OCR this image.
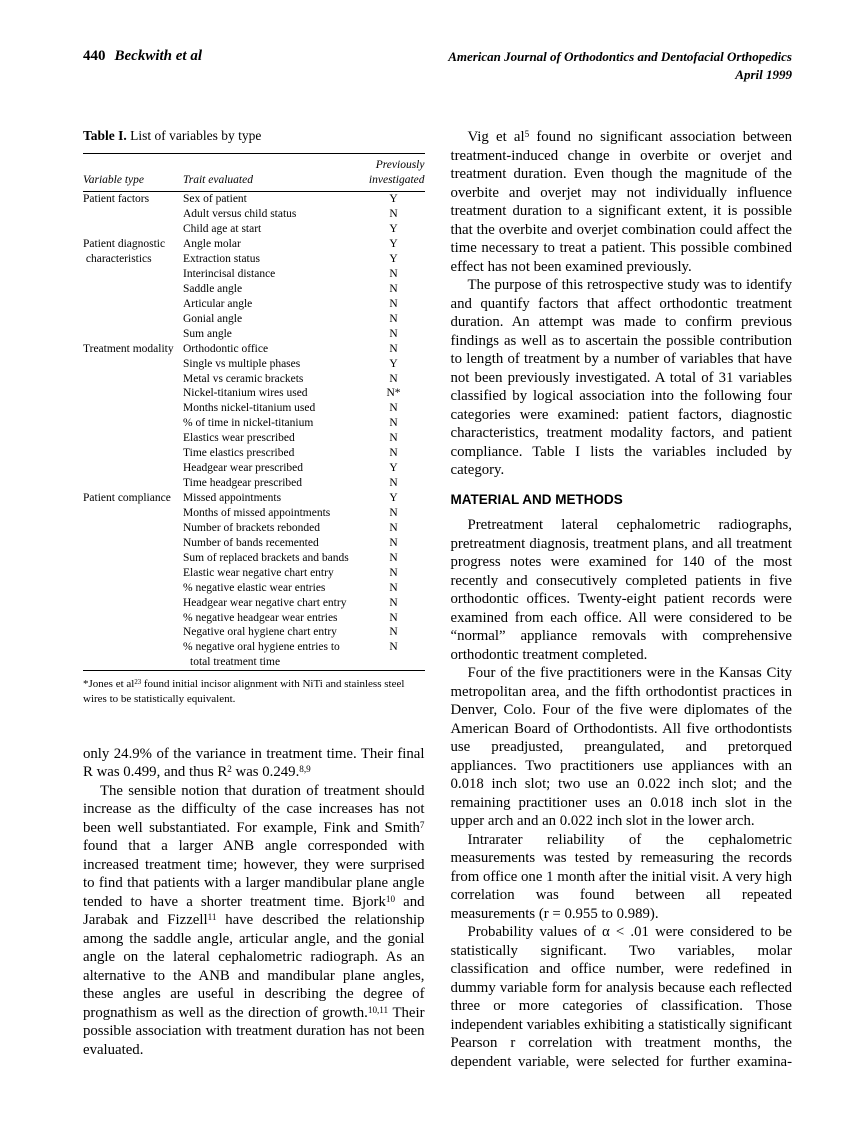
440 Beckwith et al	American Journal of Orthodontics and Dentofacial Orthopedics
April 1999
Table I. List of variables by type
Variable type	Trait evaluated	Previously investigated
Patient factors	Sex of patient	Y
	Adult versus child status	N
	Child age at start	Y
Patient diagnostic	Angle molar	Y
characteristics	Extraction status	Y
	Interincisal distance	N
	Saddle angle	N
	Articular angle	N
	Gonial angle	N
	Sum angle	N
Treatment modality	Orthodontic office	N
	Single vs multiple phases	Y
	Metal vs ceramic brackets	N
	Nickel-titanium wires used	N*
	Months nickel-titanium used	N
	% of time in nickel-titanium	N
	Elastics wear prescribed	N
	Time elastics prescribed	N
	Headgear wear prescribed	Y
	Time headgear prescribed	N
Patient compliance	Missed appointments	Y
	Months of missed appointments	N
	Number of brackets rebonded	N
	Number of bands recemented	N
	Sum of replaced brackets and bands	N
	Elastic wear negative chart entry	N
	% negative elastic wear entries	N
	Headgear wear negative chart entry	N
	% negative headgear wear entries	N
	Negative oral hygiene chart entry	N
	% negative oral hygiene entries to total treatment time	N
*Jones et $al^{23}$ found initial incisor alignment with NiTi and stainless steel wires to be statistically equivalent.

only 24.9% of the variance in treatment time. Their final R was 0.499, and thus $R^2$ was 0.249.$^{8,9}$

The sensible notion that duration of treatment should increase as the difficulty of the case increases has not been well substantiated. For example, Fink and Smith$^7$ found that a larger ANB angle corresponded with increased treatment time; however, they were surprised to find that patients with a larger mandibular plane angle tended to have a shorter treatment time. Bjork$^{10}$ and Jarabak and Fizzell$^{11}$ have described the relationship among the saddle angle, articular angle, and the gonial angle on the lateral cephalometric radiograph. As an alternative to the ANB and mandibular plane angles, these angles are useful in describing the degree of prognathism as well as the direction of growth.$^{10,11}$ Their possible association with treatment duration has not been evaluated.

Vig et $al^5$ found no significant association between treatment-induced change in overbite or overjet and treatment duration. Even though the magnitude of the overbite and overjet may not individually influence treatment duration to a significant extent, it is possible that the overbite and overjet combination could affect the time necessary to treat a patient. This possible combined effect has not been examined previously.

The purpose of this retrospective study was to identify and quantify factors that affect orthodontic treatment duration. An attempt was made to confirm previous findings as well as to ascertain the possible contribution to length of treatment by a number of variables that have not been previously investigated. A total of 31 variables classified by logical association into the following four categories were examined: patient factors, diagnostic characteristics, treatment modality factors, and patient compliance. Table I lists the variables included by category.

MATERIAL AND METHODS

Pretreatment lateral cephalometric radiographs, pretreatment diagnosis, treatment plans, and all treatment progress notes were examined for 140 of the most recently and consecutively completed patients in five orthodontic offices. Twenty-eight patient records were examined from each office. All were considered to be “normal” appliance removals with comprehensive orthodontic treatment completed.

Four of the five practitioners were in the Kansas City metropolitan area, and the fifth orthodontist practices in Denver, Colo. Four of the five were diplomates of the American Board of Orthodontists. All five orthodontists use preadjusted, preangulated, and pretorqued appliances. Two practitioners use appliances with an 0.018 inch slot; two use an 0.022 inch slot; and the remaining practitioner uses an 0.018 inch slot in the upper arch and an 0.022 inch slot in the lower arch.

Intrarater reliability of the cephalometric measurements was tested by remeasuring the records from office one 1 month after the initial visit. A very high correlation was found between all repeated measurements (r = 0.955 to 0.989).

Probability values of α < .01 were considered to be statistically significant. Two variables, molar classification and office number, were redefined in dummy variable form for analysis because each reflected three or more categories of classification. Those independent variables exhibiting a statistically significant Pearson r correlation with treatment months, the dependent variable, were selected for further examina-
